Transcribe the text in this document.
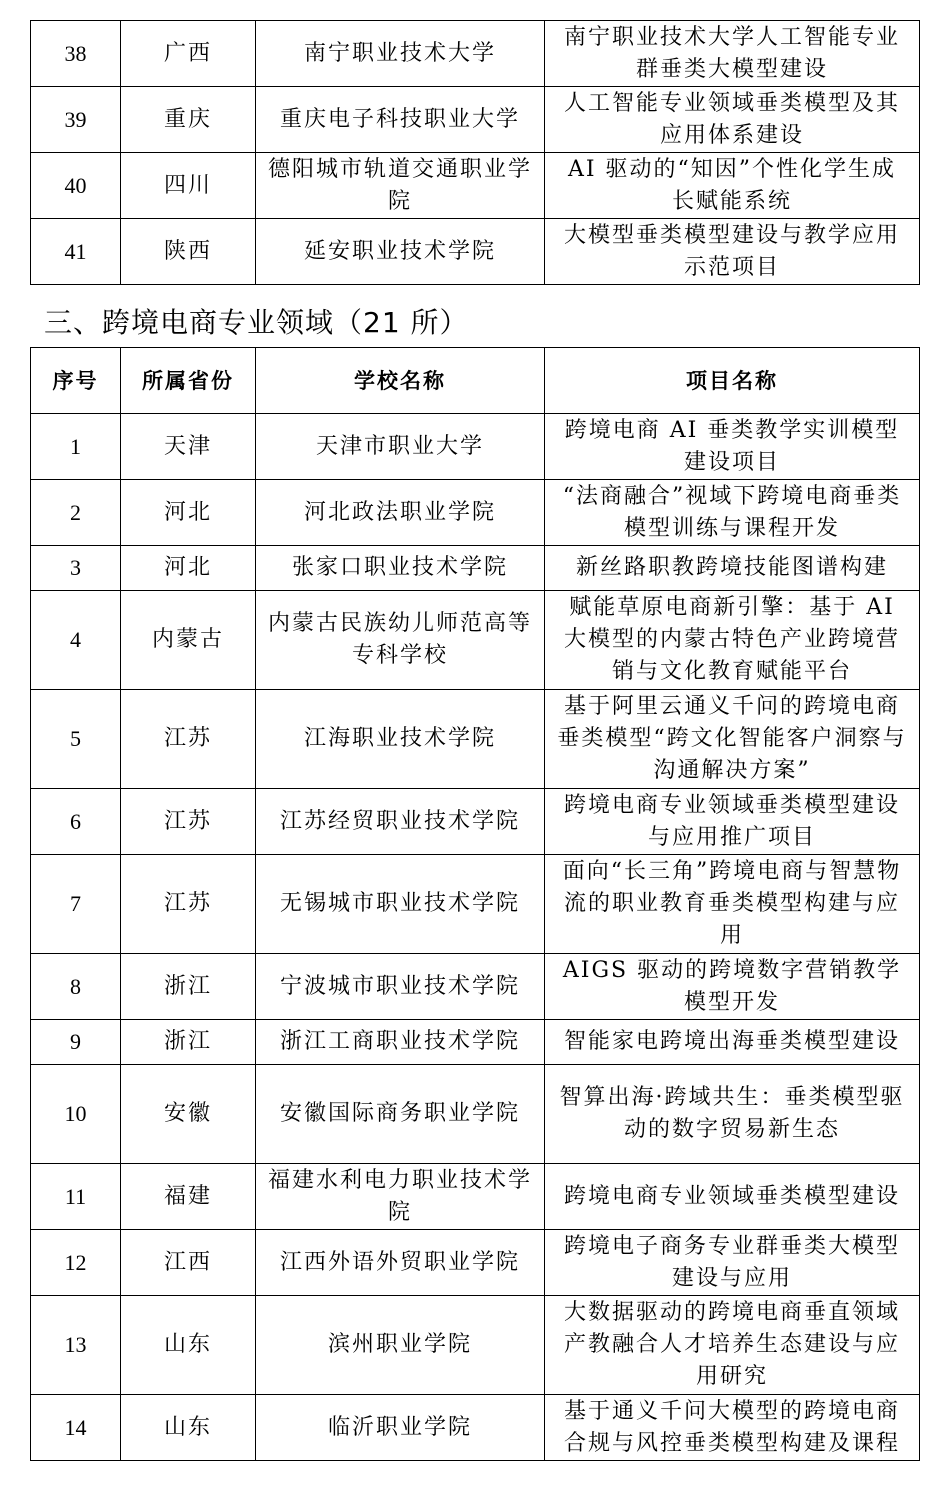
38	广西	南宁职业技术大学	南宁职业技术大学人工智能专业群垂类大模型建设
39	重庆	重庆电子科技职业大学	人工智能专业领域垂类模型及其应用体系建设
40	四川	德阳城市轨道交通职业学院	AI 驱动的“知因”个性化学生成长赋能系统
41	陕西	延安职业技术学院	大模型垂类模型建设与教学应用示范项目
三、跨境电商专业领域（21 所）
序号	所属省份	学校名称	项目名称
1	天津	天津市职业大学	跨境电商 AI 垂类教学实训模型建设项目
2	河北	河北政法职业学院	“法商融合”视域下跨境电商垂类模型训练与课程开发
3	河北	张家口职业技术学院	新丝路职教跨境技能图谱构建
4	内蒙古	内蒙古民族幼儿师范高等专科学校	赋能草原电商新引擎：基于 AI 大模型的内蒙古特色产业跨境营销与文化教育赋能平台
5	江苏	江海职业技术学院	基于阿里云通义千问的跨境电商垂类模型“跨文化智能客户洞察与沟通解决方案”
6	江苏	江苏经贸职业技术学院	跨境电商专业领域垂类模型建设与应用推广项目
7	江苏	无锡城市职业技术学院	面向“长三角”跨境电商与智慧物流的职业教育垂类模型构建与应用
8	浙江	宁波城市职业技术学院	AIGS 驱动的跨境数字营销教学模型开发
9	浙江	浙江工商职业技术学院	智能家电跨境出海垂类模型建设
10	安徽	安徽国际商务职业学院	智算出海·跨域共生：垂类模型驱动的数字贸易新生态
11	福建	福建水利电力职业技术学院	跨境电商专业领域垂类模型建设
12	江西	江西外语外贸职业学院	跨境电子商务专业群垂类大模型建设与应用
13	山东	滨州职业学院	大数据驱动的跨境电商垂直领域产教融合人才培养生态建设与应用研究
14	山东	临沂职业学院	基于通义千问大模型的跨境电商合规与风控垂类模型构建及课程
